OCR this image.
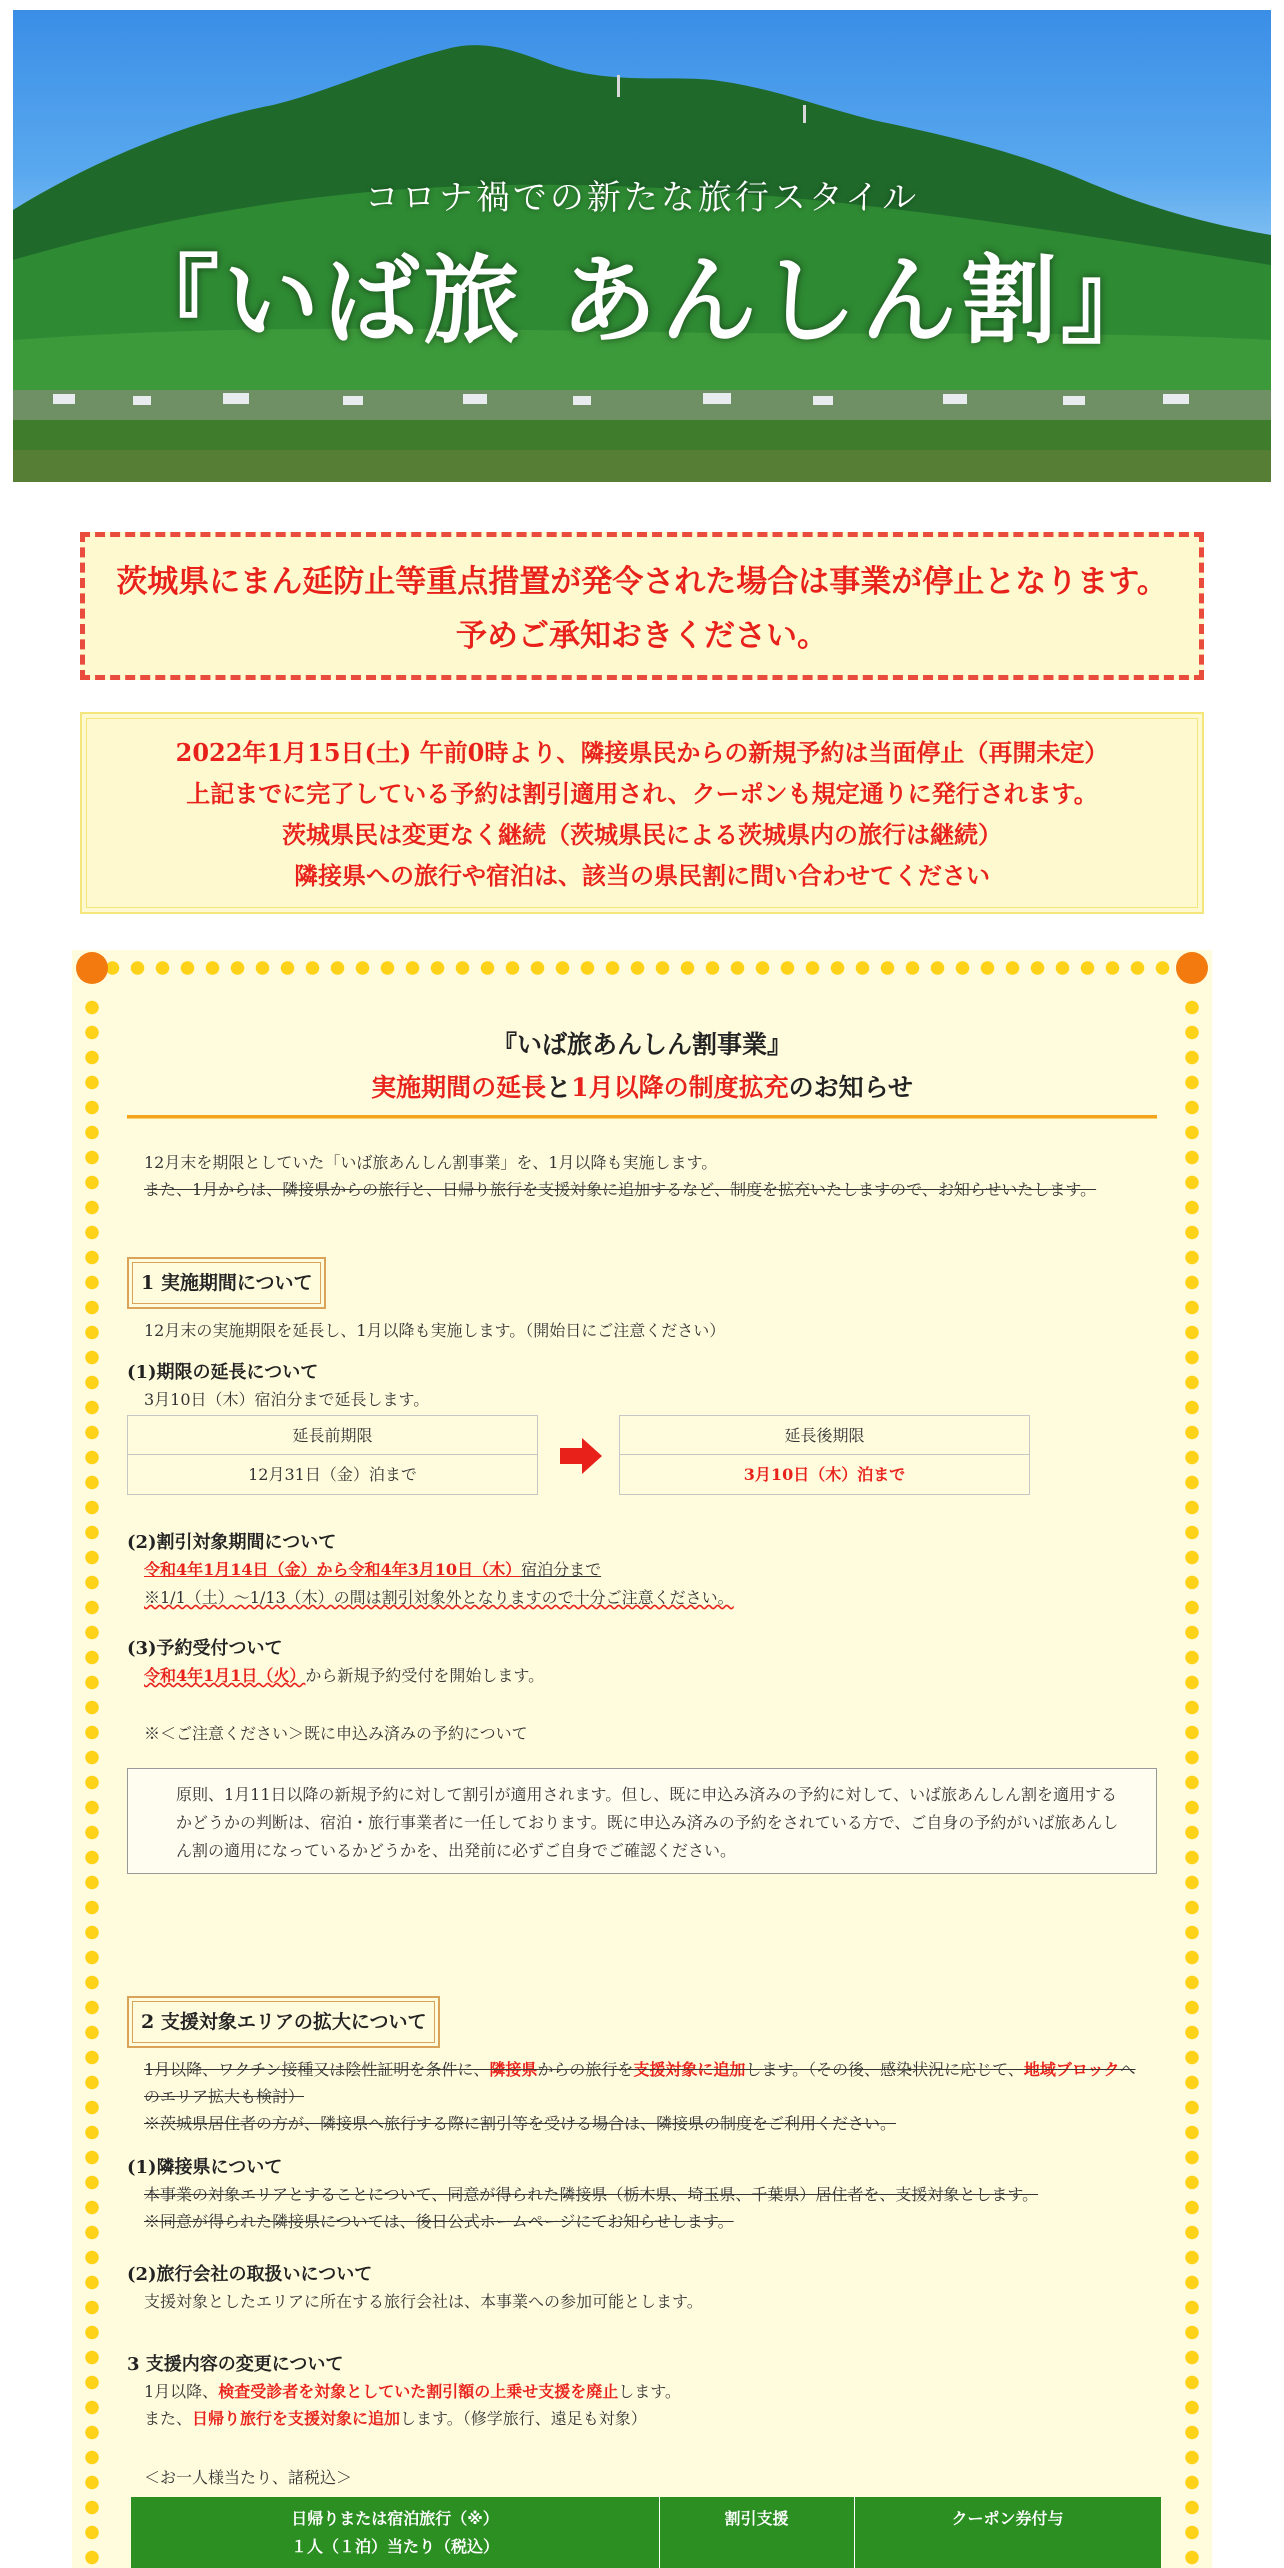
コロナ禍での新たな旅行スタイル
『いば旅 あんしん割』
茨城県にまん延防止等重点措置が発令された場合は事業が停止となります。
予めご承知おきください。
2022年1月15日(土) 午前0時より、隣接県民からの新規予約は当面停止（再開未定）
上記までに完了している予約は割引適用され、クーポンも規定通りに発行されます。
茨城県民は変更なく継続（茨城県民による茨城県内の旅行は継続）
隣接県への旅行や宿泊は、該当の県民割に問い合わせてください
『いば旅あんしん割事業』
実施期間の延長と1月以降の制度拡充のお知らせ
12月末を期限としていた「いば旅あんしん割事業」を、1月以降も実施します。
また、1月からは、隣接県からの旅行と、日帰り旅行を支援対象に追加するなど、制度を拡充いたしますので、お知らせいたします。
1 実施期間について
12月末の実施期限を延長し、1月以降も実施します。（開始日にご注意ください）
(1)期限の延長について
3月10日（木）宿泊分まで延長します。
延長前期限
12月31日（金）泊まで
延長後期限
3月10日（木）泊まで
(2)割引対象期間について
令和4年1月14日（金）から令和4年3月10日（木）宿泊分まで
※1/1（土）～1/13（木）の間は割引対象外となりますので十分ご注意ください。
(3)予約受付ついて
令和4年1月1日（火）から新規予約受付を開始します。
※＜ご注意ください＞既に申込み済みの予約について
原則、1月11日以降の新規予約に対して割引が適用されます。但し、既に申込み済みの予約に対して、いば旅あんしん割を適用する
かどうかの判断は、宿泊・旅行事業者に一任しております。既に申込み済みの予約をされている方で、ご自身の予約がいば旅あんし
ん割の適用になっているかどうかを、出発前に必ずご自身でご確認ください。
2 支援対象エリアの拡大について
1月以降、ワクチン接種又は陰性証明を条件に、隣接県からの旅行を支援対象に追加します。（その後、感染状況に応じて、地域ブロックへ
のエリア拡大も検討）
※茨城県居住者の方が、隣接県へ旅行する際に割引等を受ける場合は、隣接県の制度をご利用ください。
(1)隣接県について
本事業の対象エリアとすることについて、同意が得られた隣接県（栃木県、埼玉県、千葉県）居住者を、支援対象とします。
※同意が得られた隣接県については、後日公式ホームページにてお知らせします。
(2)旅行会社の取扱いについて
支援対象としたエリアに所在する旅行会社は、本事業への参加可能とします。
3 支援内容の変更について
1月以降、検査受診者を対象としていた割引額の上乗せ支援を廃止します。
また、日帰り旅行を支援対象に追加します。（修学旅行、遠足も対象）
＜お一人様当たり、諸税込＞
日帰りまたは宿泊旅行（※）
１人（１泊）当たり（税込）
割引支援	クーポン券付与
